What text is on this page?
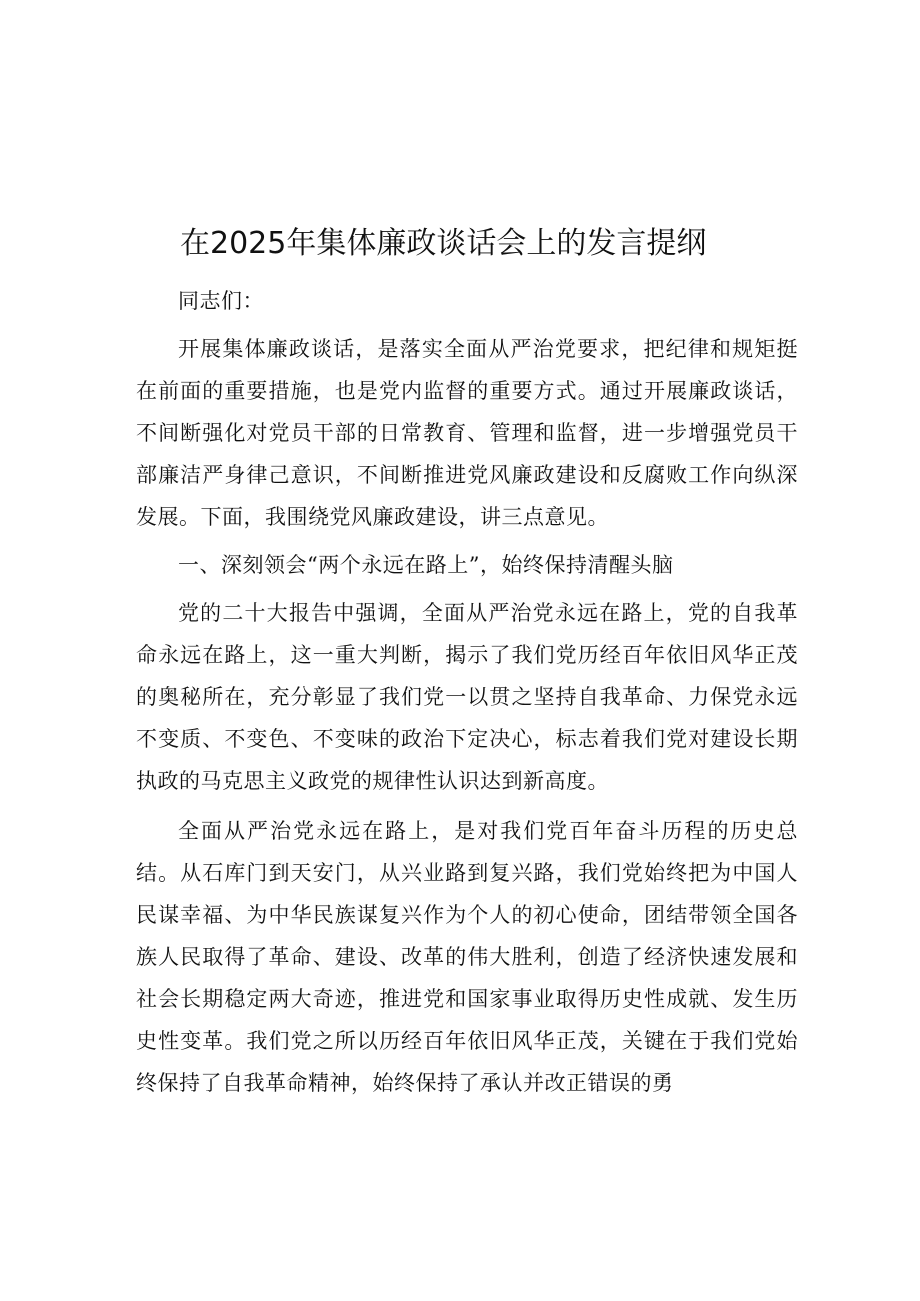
在2025年集体廉政谈话会上的发言提纲

同志们：

开展集体廉政谈话，是落实全面从严治党要求，把纪律和规矩挺在前面的重要措施，也是党内监督的重要方式。通过开展廉政谈话，不间断强化对党员干部的日常教育、管理和监督，进一步增强党员干部廉洁严身律己意识，不间断推进党风廉政建设和反腐败工作向纵深发展。下面，我围绕党风廉政建设，讲三点意见。

一、深刻领会“两个永远在路上”，始终保持清醒头脑

党的二十大报告中强调，全面从严治党永远在路上，党的自我革命永远在路上，这一重大判断，揭示了我们党历经百年依旧风华正茂的奥秘所在，充分彰显了我们党一以贯之坚持自我革命、力保党永远不变质、不变色、不变味的政治下定决心，标志着我们党对建设长期执政的马克思主义政党的规律性认识达到新高度。

全面从严治党永远在路上，是对我们党百年奋斗历程的历史总结。从石库门到天安门，从兴业路到复兴路，我们党始终把为中国人民谋幸福、为中华民族谋复兴作为个人的初心使命，团结带领全国各族人民取得了革命、建设、改革的伟大胜利，创造了经济快速发展和社会长期稳定两大奇迹，推进党和国家事业取得历史性成就、发生历史性变革。我们党之所以历经百年依旧风华正茂，关键在于我们党始终保持了自我革命精神，始终保持了承认并改正错误的勇
